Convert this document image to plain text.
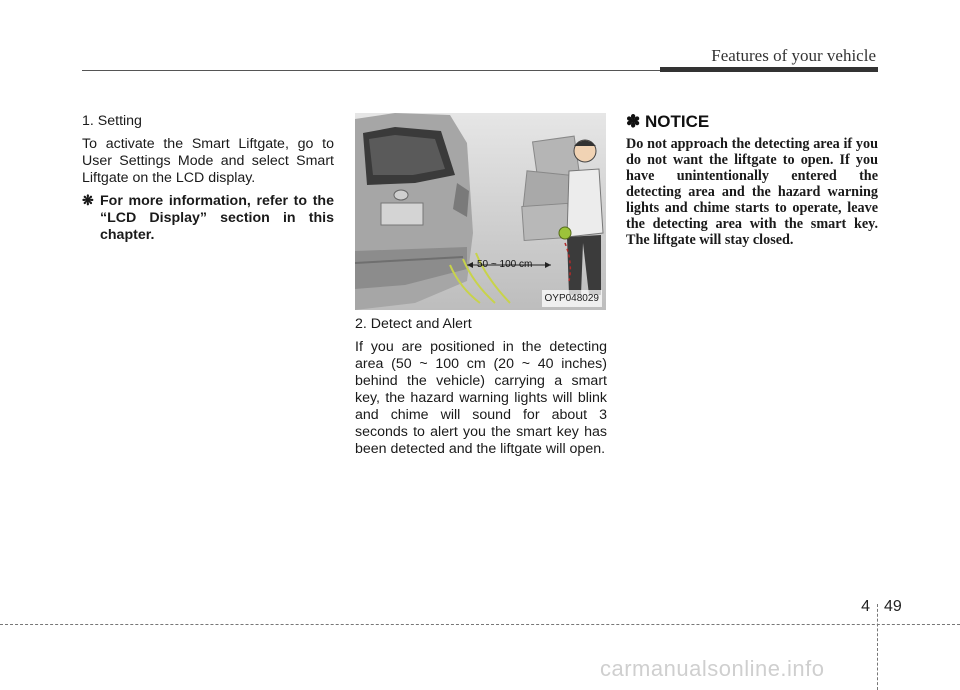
Features of your vehicle

1. Setting

To activate the Smart Liftgate, go to User Settings Mode and select Smart Liftgate on the LCD display.

❋ For more information, refer to the “LCD Display” section in this chapter.

50 ~ 100 cm
OYP048029

2. Detect and Alert

If you are positioned in the detecting area (50 ~ 100 cm (20 ~ 40 inches) behind the vehicle) carrying a smart key, the hazard warning lights will blink and chime will sound for about 3 seconds to alert you the smart key has been detected and the liftgate will open.

✽ NOTICE

Do not approach the detecting area if you do not want the liftgate to open. If you have unintentionally entered the detecting area and the hazard warning lights and chime starts to operate, leave the detecting area with the smart key. The liftgate will stay closed.

4 49
carmanualsonline.info
